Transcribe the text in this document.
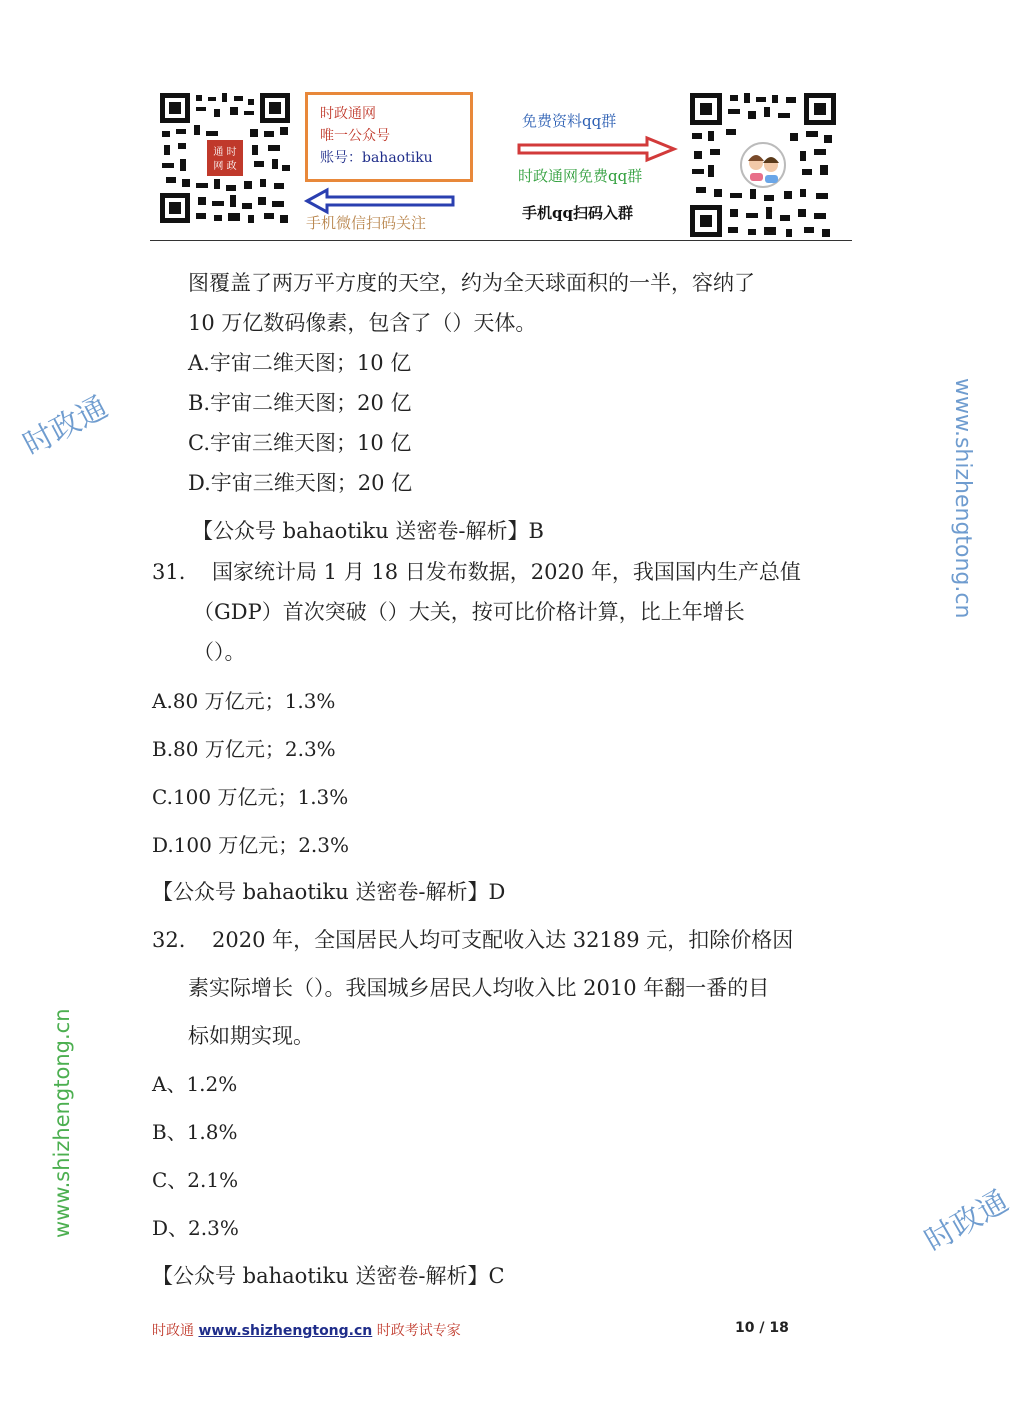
通 时
网 政
时政通网
唯一公众号
账号：bahaotiku
手机微信扫码关注
免费资料qq群
时政通网免费qq群
手机qq扫码入群
时政通	www.shizhengtong.cn
www.shizhengtong.cn	时政通
图覆盖了两万平方度的天空，约为全天球面积的一半，容纳了
10 万亿数码像素，包含了（）天体。
A.宇宙二维天图；10 亿
B.宇宙二维天图；20 亿
C.宇宙三维天图；10 亿
D.宇宙三维天图；20 亿
【公众号 bahaotiku 送密卷-解析】B
31. 国家统计局 1 月 18 日发布数据，2020 年，我国国内生产总值
（GDP）首次突破（）大关，按可比价格计算，比上年增长
（）。
A.80 万亿元；1.3%
B.80 万亿元；2.3%
C.100 万亿元；1.3%
D.100 万亿元；2.3%
【公众号 bahaotiku 送密卷-解析】D
32. 2020 年，全国居民人均可支配收入达 32189 元，扣除价格因
素实际增长（）。我国城乡居民人均收入比 2010 年翻一番的目
标如期实现。
A、1.2%
B、1.8%
C、2.1%
D、2.3%
【公众号 bahaotiku 送密卷-解析】C
时政通 www.shizhengtong.cn 时政考试专家	10 / 18
